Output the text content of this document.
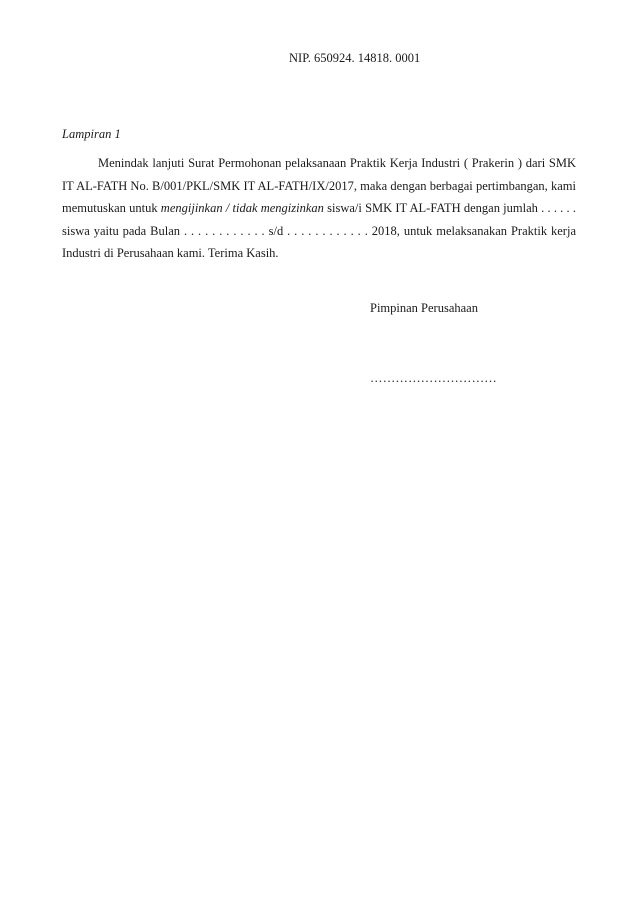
NIP. 650924. 14818. 0001
Lampiran 1
Menindak lanjuti Surat Permohonan pelaksanaan Praktik Kerja Industri ( Prakerin ) dari SMK IT AL-FATH No. B/001/PKL/SMK IT AL-FATH/IX/2017, maka dengan berbagai pertimbangan, kami memutuskan untuk mengijinkan / tidak mengizinkan siswa/i SMK IT AL-FATH dengan jumlah . . . . . . siswa yaitu pada Bulan . . . . . . . . . . . . s/d . . . . . . . . . . . . 2018, untuk melaksanakan Praktik kerja Industri di Perusahaan kami. Terima Kasih.
Pimpinan Perusahaan
…………………………
